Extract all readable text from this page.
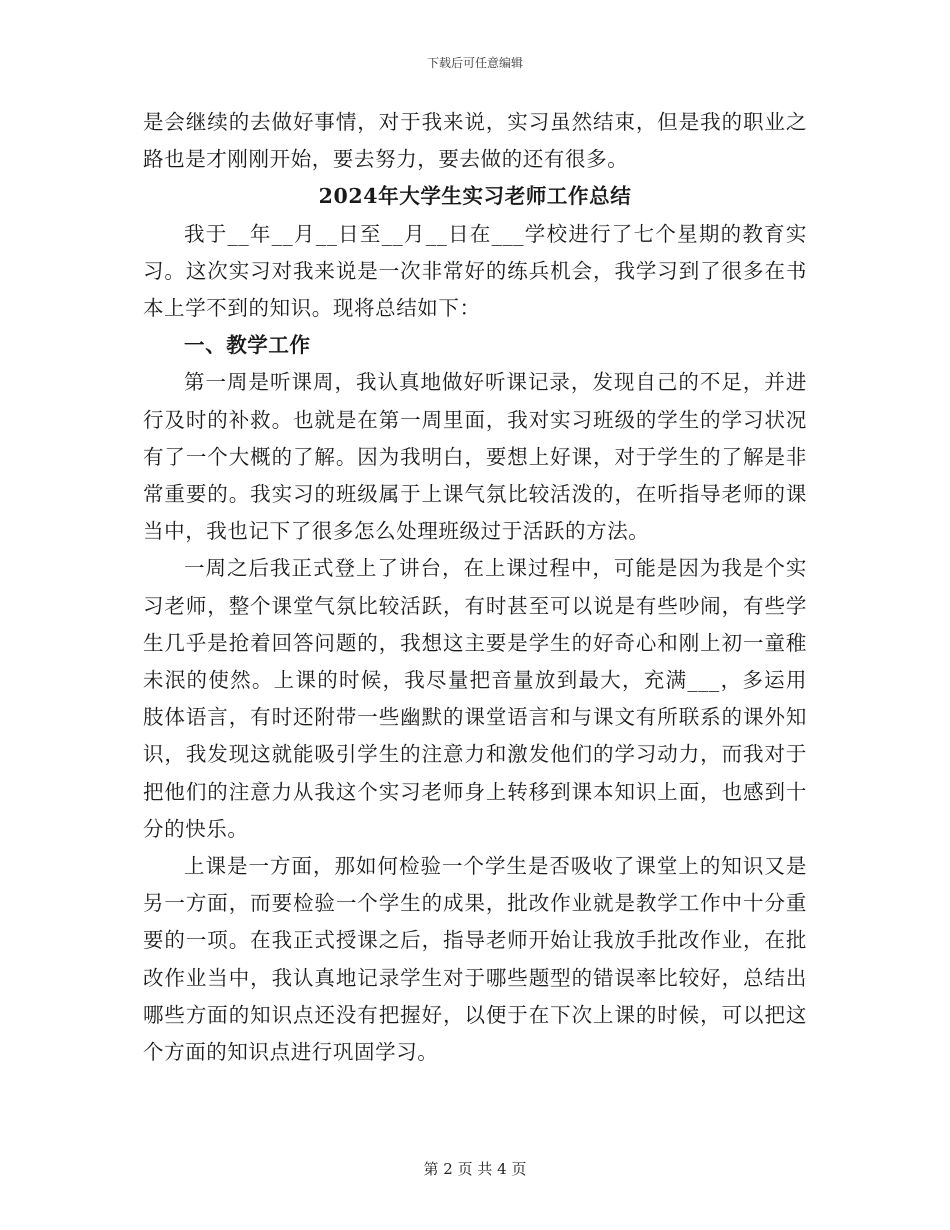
下载后可任意编辑

是会继续的去做好事情，对于我来说，实习虽然结束，但是我的职业之路也是才刚刚开始，要去努力，要去做的还有很多。

2024年大学生实习老师工作总结

我于__年__月__日至__月__日在___学校进行了七个星期的教育实习。这次实习对我来说是一次非常好的练兵机会，我学习到了很多在书本上学不到的知识。现将总结如下：

一、教学工作

第一周是听课周，我认真地做好听课记录，发现自己的不足，并进行及时的补救。也就是在第一周里面，我对实习班级的学生的学习状况有了一个大概的了解。因为我明白，要想上好课，对于学生的了解是非常重要的。我实习的班级属于上课气氛比较活泼的，在听指导老师的课当中，我也记下了很多怎么处理班级过于活跃的方法。

一周之后我正式登上了讲台，在上课过程中，可能是因为我是个实习老师，整个课堂气氛比较活跃，有时甚至可以说是有些吵闹，有些学生几乎是抢着回答问题的，我想这主要是学生的好奇心和刚上初一童稚未泯的使然。上课的时候，我尽量把音量放到最大，充满___，多运用肢体语言，有时还附带一些幽默的课堂语言和与课文有所联系的课外知识，我发现这就能吸引学生的注意力和激发他们的学习动力，而我对于把他们的注意力从我这个实习老师身上转移到课本知识上面，也感到十分的快乐。

上课是一方面，那如何检验一个学生是否吸收了课堂上的知识又是另一方面，而要检验一个学生的成果，批改作业就是教学工作中十分重要的一项。在我正式授课之后，指导老师开始让我放手批改作业，在批改作业当中，我认真地记录学生对于哪些题型的错误率比较好，总结出哪些方面的知识点还没有把握好，以便于在下次上课的时候，可以把这个方面的知识点进行巩固学习。

第 2 页 共 4 页
